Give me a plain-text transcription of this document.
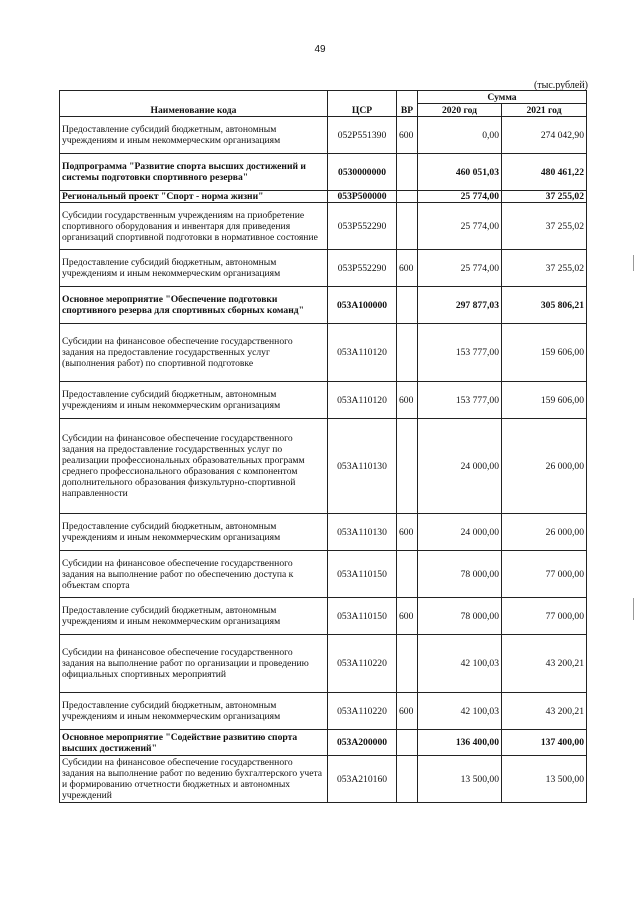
49
(тыс.рублей)
Наименование кода	ЦСР	ВР	Сумма	
			2020 год	2021 год
Предоставление субсидий бюджетным, автономным учреждениям и иным некоммерческим организациям	052P551390	600	0,00	274 042,90
Подпрограмма "Развитие спорта высших достижений и системы подготовки спортивного резерва"	0530000000		460 051,03	480 461,22
Региональный проект "Спорт - норма жизни"	053P500000		25 774,00	37 255,02
Субсидии государственным учреждениям на приобретение спортивного оборудования и инвентаря для приведения организаций спортивной подготовки в нормативное состояние	053P552290		25 774,00	37 255,02
Предоставление субсидий бюджетным, автономным учреждениям и иным некоммерческим организациям	053P552290	600	25 774,00	37 255,02
Основное мероприятие "Обеспечение подготовки спортивного резерва для спортивных сборных команд"	053A100000		297 877,03	305 806,21
Субсидии на финансовое обеспечение государственного задания на предоставление государственных услуг (выполнения работ) по спортивной подготовке	053A110120		153 777,00	159 606,00
Предоставление субсидий бюджетным, автономным учреждениям и иным некоммерческим организациям	053A110120	600	153 777,00	159 606,00
Субсидии на финансовое обеспечение государственного задания на предоставление государственных услуг по реализации профессиональных образовательных программ среднего профессионального образования с компонентом дополнительного образования физкультурно-спортивной направленности	053A110130		24 000,00	26 000,00
Предоставление субсидий бюджетным, автономным учреждениям и иным некоммерческим организациям	053A110130	600	24 000,00	26 000,00
Субсидии на финансовое обеспечение государственного задания на выполнение работ по обеспечению доступа к объектам спорта	053A110150		78 000,00	77 000,00
Предоставление субсидий бюджетным, автономным учреждениям и иным некоммерческим организациям	053A110150	600	78 000,00	77 000,00
Субсидии на финансовое обеспечение государственного задания на выполнение работ по организации и проведению официальных спортивных мероприятий	053A110220		42 100,03	43 200,21
Предоставление субсидий бюджетным, автономным учреждениям и иным некоммерческим организациям	053A110220	600	42 100,03	43 200,21
Основное мероприятие "Содействие развитию спорта высших достижений"	053A200000		136 400,00	137 400,00
Субсидии на финансовое обеспечение государственного задания на выполнение работ по ведению бухгалтерского учета и формированию отчетности бюджетных и автономных учреждений	053A210160		13 500,00	13 500,00
